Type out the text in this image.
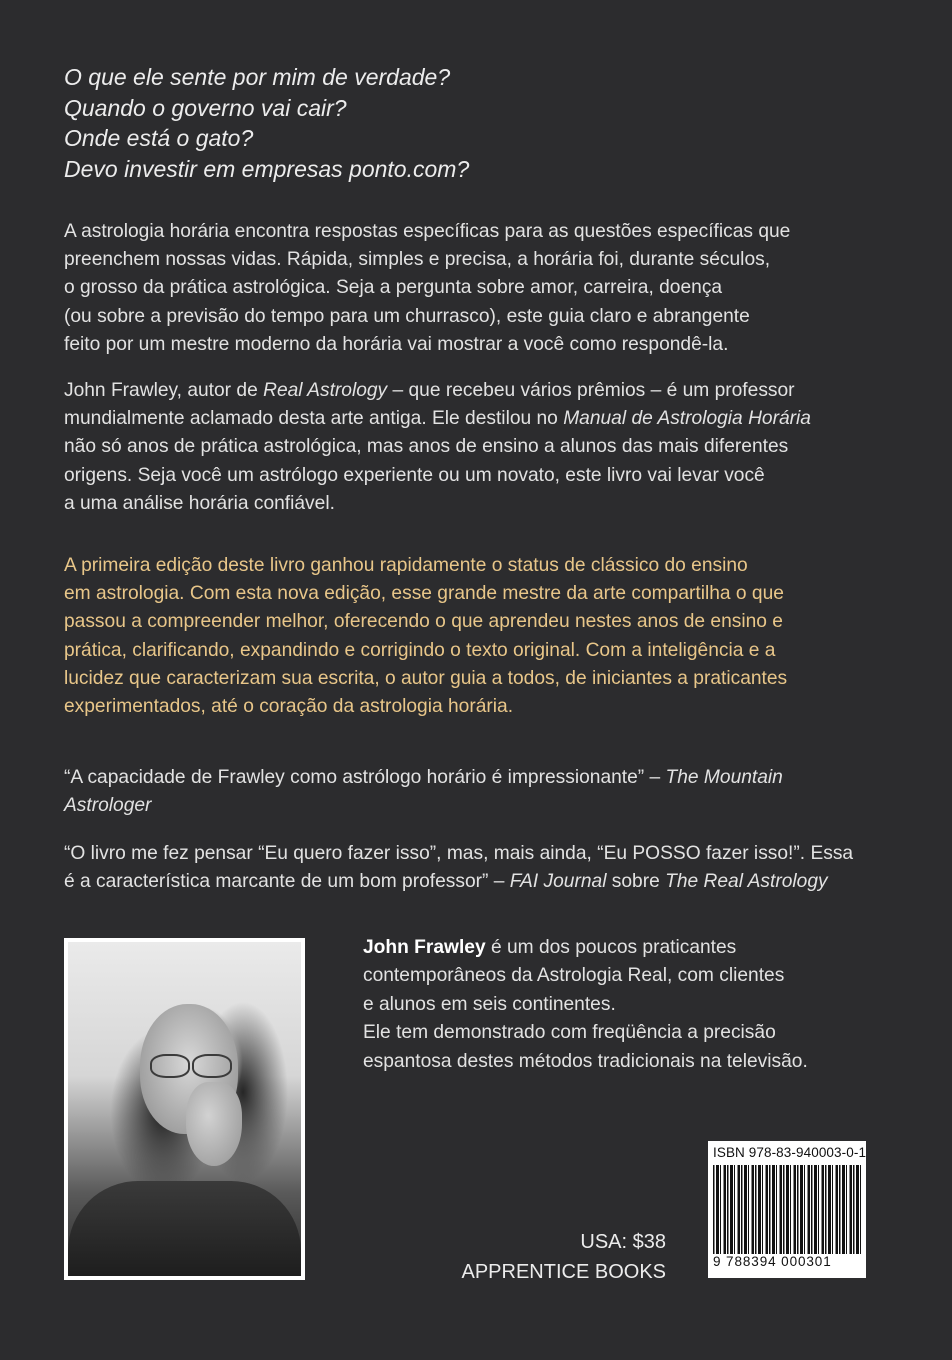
O que ele sente por mim de verdade?
Quando o governo vai cair?
Onde está o gato?
Devo investir em empresas ponto.com?
A astrologia horária encontra respostas específicas para as questões específicas que
preenchem nossas vidas. Rápida, simples e precisa, a horária foi, durante séculos,
o grosso da prática astrológica. Seja a pergunta sobre amor, carreira, doença
(ou sobre a previsão do tempo para um churrasco), este guia claro e abrangente
feito por um mestre moderno da horária vai mostrar a você como respondê-la.
John Frawley, autor de Real Astrology – que recebeu vários prêmios – é um professor
mundialmente aclamado desta arte antiga. Ele destilou no Manual de Astrologia Horária
não só anos de prática astrológica, mas anos de ensino a alunos das mais diferentes
origens. Seja você um astrólogo experiente ou um novato, este livro vai levar você
a uma análise horária confiável.
A primeira edição deste livro ganhou rapidamente o status de clássico do ensino
em astrologia. Com esta nova edição, esse grande mestre da arte compartilha o que
passou a compreender melhor, oferecendo o que aprendeu nestes anos de ensino e
prática, clarificando, expandindo e corrigindo o texto original. Com a inteligência e a
lucidez que caracterizam sua escrita, o autor guia a todos, de iniciantes a praticantes
experimentados, até o coração da astrologia horária.
“A capacidade de Frawley como astrólogo horário é impressionante” – The Mountain
Astrologer
“O livro me fez pensar “Eu quero fazer isso”, mas, mais ainda, “Eu POSSO fazer isso!”. Essa
é a característica marcante de um bom professor” – FAI Journal sobre The Real Astrology
John Frawley é um dos poucos praticantes
contemporâneos da Astrologia Real, com clientes
e alunos em seis continentes.
Ele tem demonstrado com freqüência a precisão
espantosa destes métodos tradicionais na televisão.
USA: $38
APPRENTICE BOOKS
ISBN 978-83-940003-0-1
9 788394 000301
